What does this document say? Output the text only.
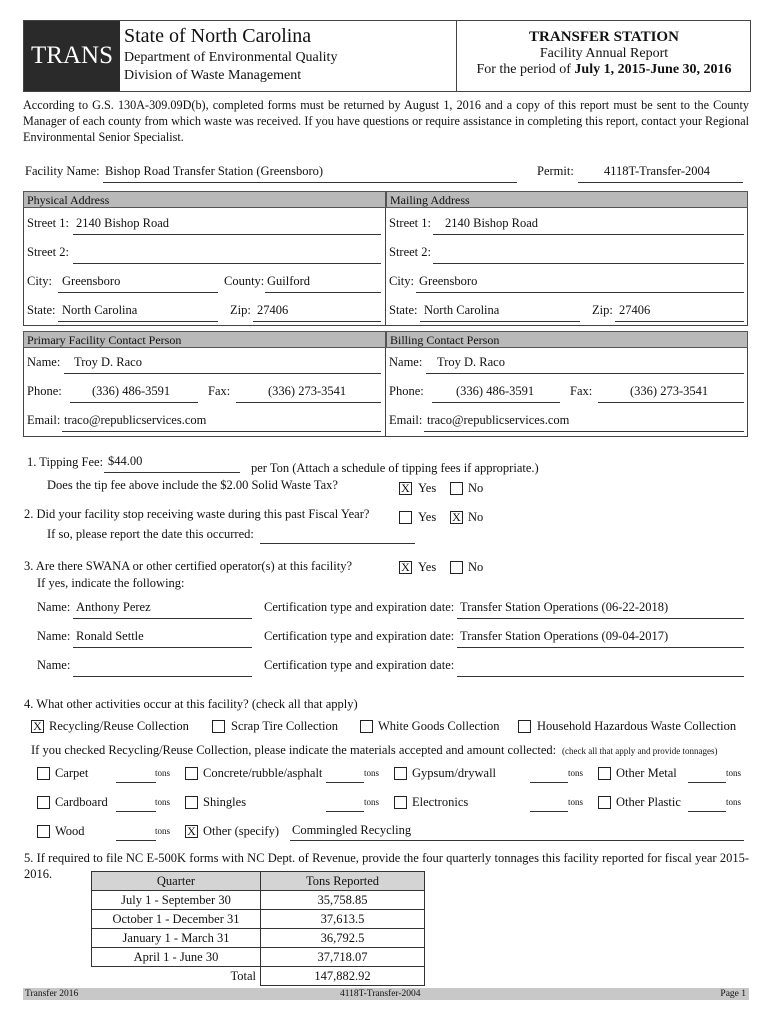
TRANS
State of North Carolina
Department of Environmental Quality
Division of Waste Management
TRANSFER STATION
Facility Annual Report
For the period of July 1, 2015-June 30, 2016
According to G.S. 130A-309.09D(b), completed forms must be returned by August 1, 2016 and a copy of this report must be sent to the County Manager of each county from which waste was received. If you have questions or require assistance in completing this report, contact your Regional Environmental Senior Specialist.
Facility Name: Bishop Road Transfer Station (Greensboro)	Permit: 4118T-Transfer-2004
Physical Address	Mailing Address
Street 1: 2140 Bishop Road
Street 2:
City: Greensboro	County: Guilford
State: North Carolina	Zip: 27406
Street 1: 2140 Bishop Road
Street 2:
City: Greensboro
State: North Carolina	Zip: 27406
Primary Facility Contact Person	Billing Contact Person
Name: Troy D. Raco
Phone: (336) 486-3591	Fax:	(336) 273-3541
Email: traco@republicservices.com
Name: Troy D. Raco
Phone:	(336) 486-3591	Fax:	(336) 273-3541
Email: traco@republicservices.com
1. Tipping Fee: $44.00	per Ton (Attach a schedule of tipping fees if appropriate.)
Does the tip fee above include the $2.00 Solid Waste Tax?	X Yes	No
2. Did your facility stop receiving waste during this past Fiscal Year?	Yes X No
If so, please report the date this occurred:
3. Are there SWANA or other certified operator(s) at this facility?	X Yes	No
If yes, indicate the following:
Name: Anthony Perez	Certification type and expiration date: Transfer Station Operations (06-22-2018)
Name: Ronald Settle	Certification type and expiration date: Transfer Station Operations (09-04-2017)
Name:	Certification type and expiration date:
4. What other activities occur at this facility? (check all that apply)
X Recycling/Reuse Collection	Scrap Tire Collection	White Goods Collection	Household Hazardous Waste Collection
If you checked Recycling/Reuse Collection, please indicate the materials accepted and amount collected: (check all that apply and provide tonnages)
Carpet	tons	Concrete/rubble/asphalt	tons	Gypsum/drywall	tons	Other Metal	tons
Cardboard	tons	Shingles	tons	Electronics	tons	Other Plastic	tons
Wood	tons X Other (specify) Commingled Recycling
5. If required to file NC E-500K forms with NC Dept. of Revenue, provide the four quarterly tonnages this facility reported for fiscal year 2015-2016.	Quarter	Tons Reported
July 1 - September 30	35,758.85
October 1 - December 31	37,613.5
January 1 - March 31	36,792.5
April 1 - June 30	37,718.07
Total	147,882.92
Transfer 2016	4118T-Transfer-2004	Page 1
